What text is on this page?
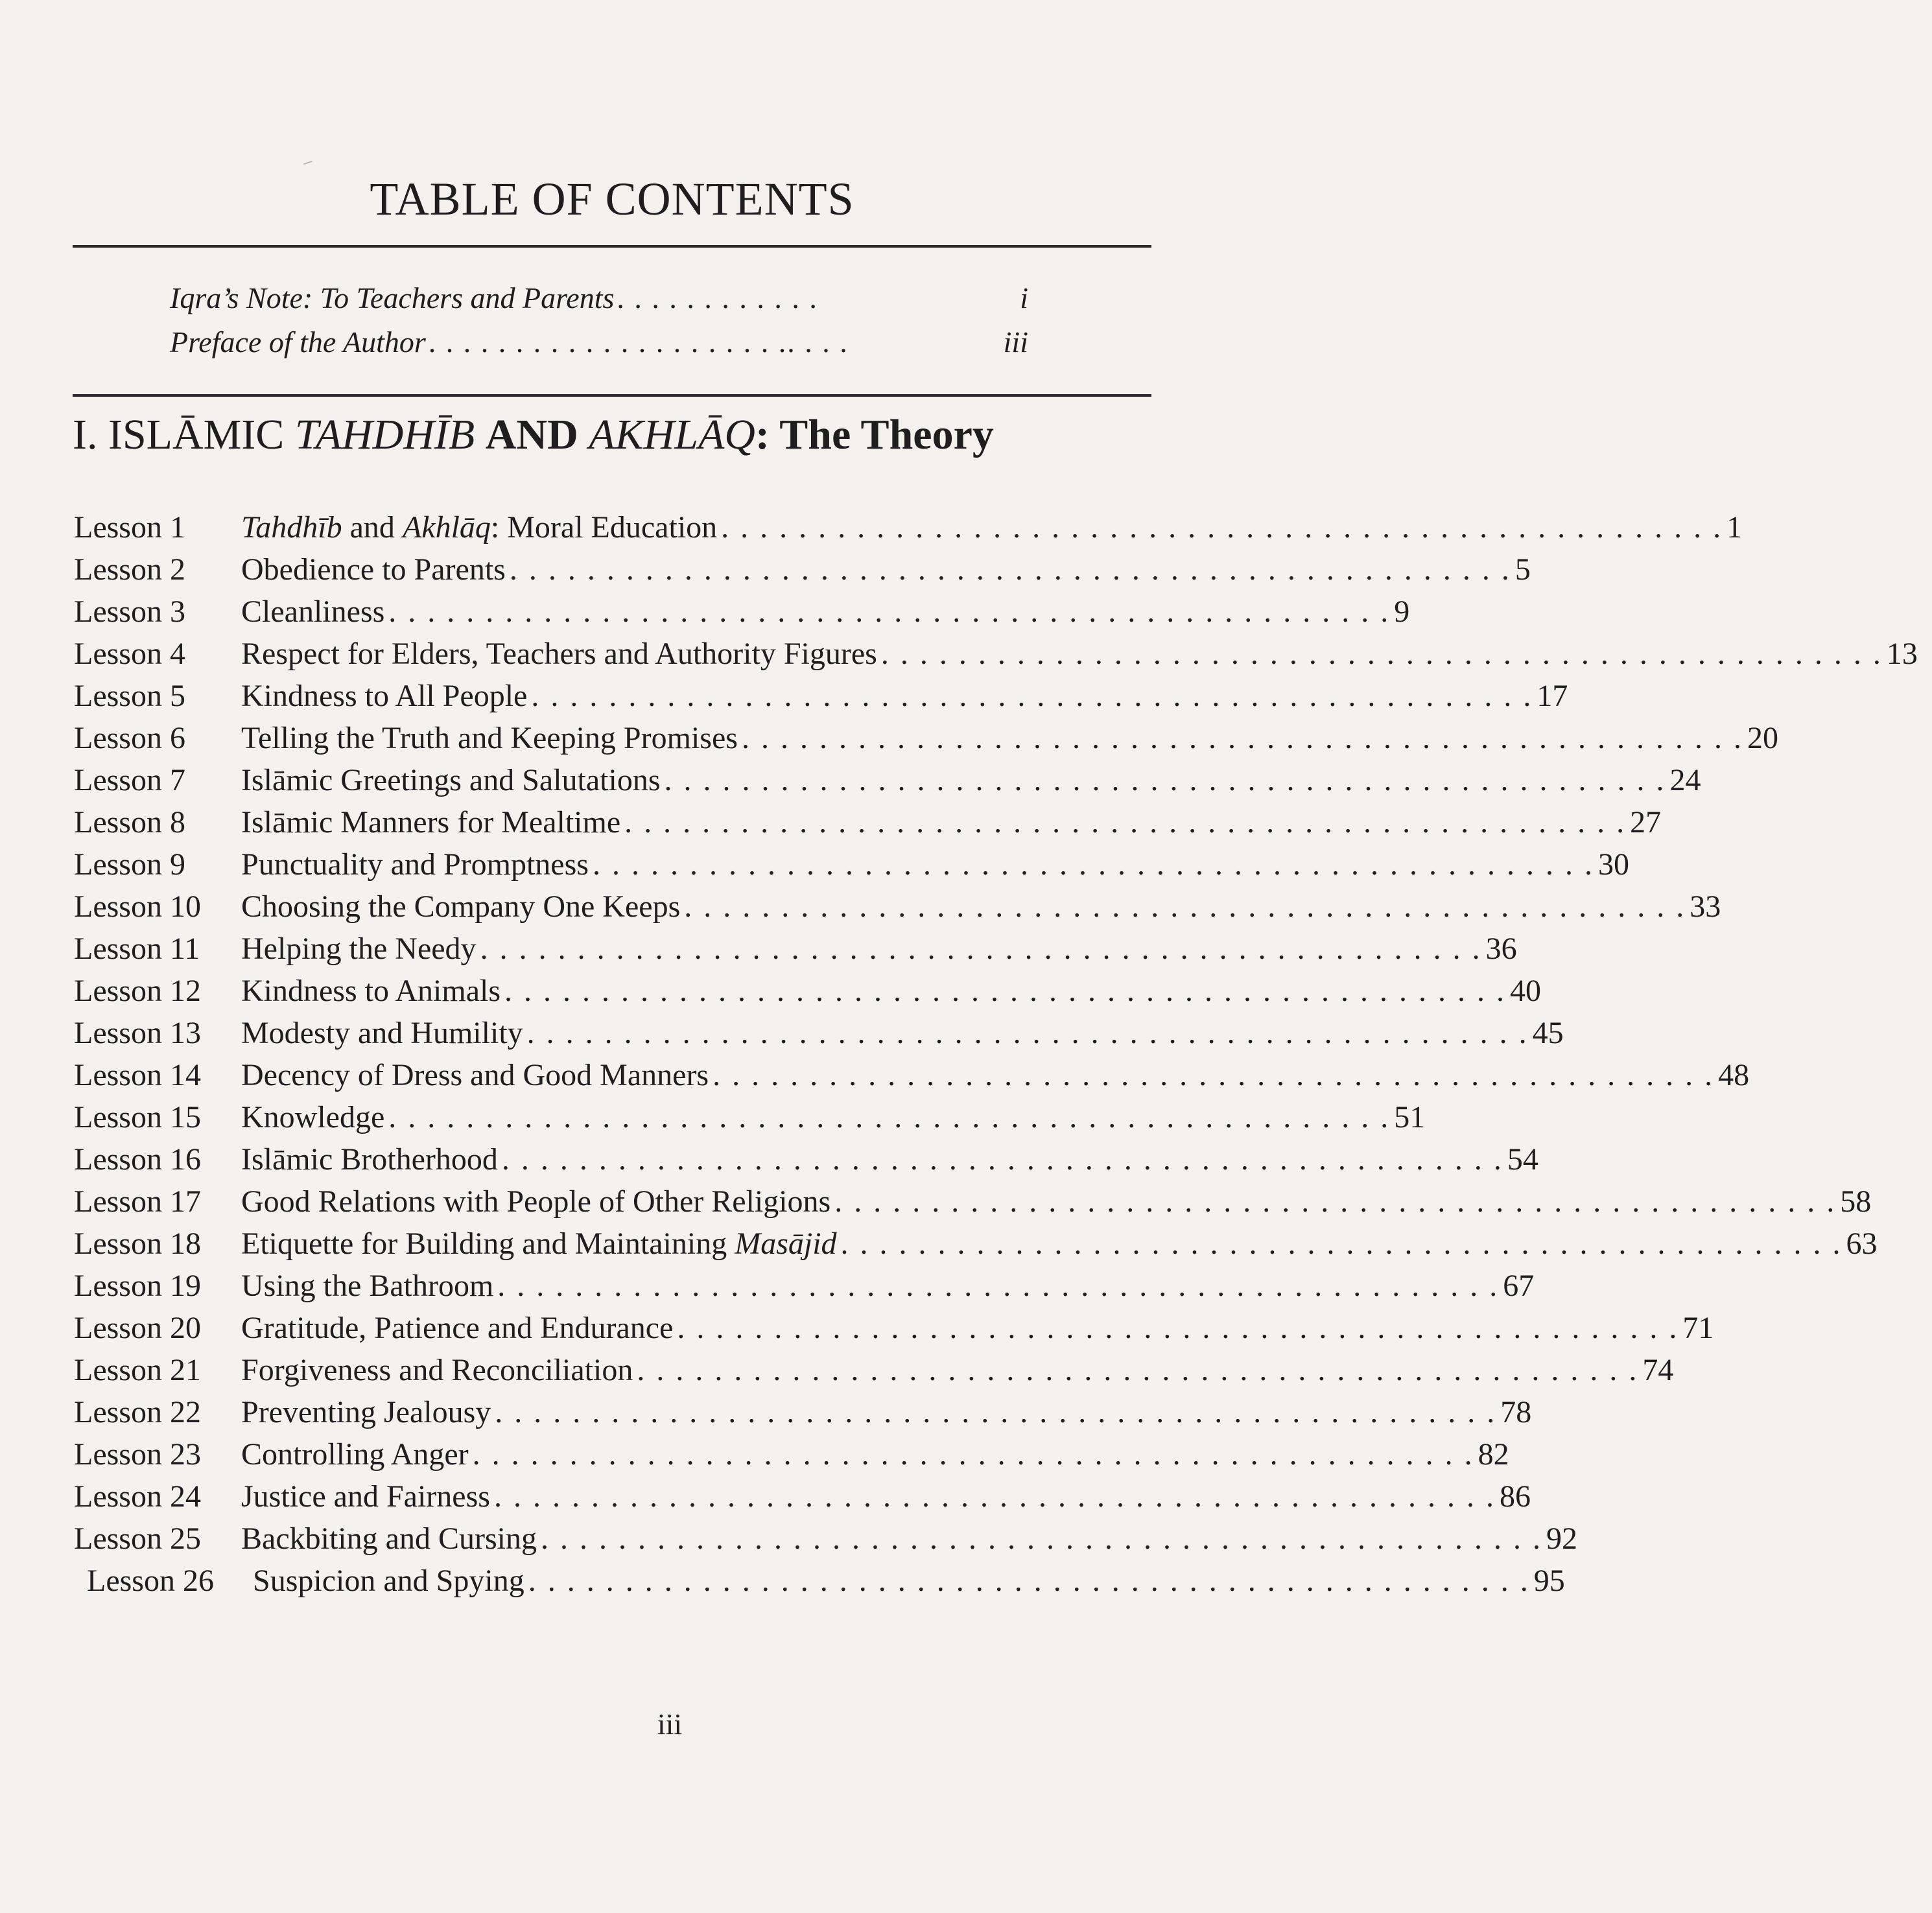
TABLE OF CONTENTS
Iqra’s Note: To Teachers and Parents . . . . . . . . . . . .	i
Preface of the Author . . . . . . . . . . . . . . . . . . . . .. . . .	iii
I. ISLĀMIC TAHDHĪB AND AKHLĀQ: The Theory
Lesson 1	Tahdhīb and Akhlāq: Moral Education . . . . . . . . . . . . . . . . . . . . . . . . . . . . . . . . . . . . . . . . . . . . . . . . . . . . 1
Lesson 2	Obedience to Parents . . . . . . . . . . . . . . . . . . . . . . . . . . . . . . . . . . . . . . . . . . . . . . . . . . . . 5
Lesson 3	Cleanliness . . . . . . . . . . . . . . . . . . . . . . . . . . . . . . . . . . . . . . . . . . . . . . . . . . . . 9
Lesson 4	Respect for Elders, Teachers and Authority Figures . . . . . . . . . . . . . . . . . . . . . . . . . . . . . . . . . . . . . . . . . . . . . . . . . . . . 13
Lesson 5	Kindness to All People . . . . . . . . . . . . . . . . . . . . . . . . . . . . . . . . . . . . . . . . . . . . . . . . . . . . 17
Lesson 6	Telling the Truth and Keeping Promises . . . . . . . . . . . . . . . . . . . . . . . . . . . . . . . . . . . . . . . . . . . . . . . . . . . . 20
Lesson 7	Islāmic Greetings and Salutations . . . . . . . . . . . . . . . . . . . . . . . . . . . . . . . . . . . . . . . . . . . . . . . . . . . . 24
Lesson 8	Islāmic Manners for Mealtime . . . . . . . . . . . . . . . . . . . . . . . . . . . . . . . . . . . . . . . . . . . . . . . . . . . . 27
Lesson 9	Punctuality and Promptness . . . . . . . . . . . . . . . . . . . . . . . . . . . . . . . . . . . . . . . . . . . . . . . . . . . . 30
Lesson 10	Choosing the Company One Keeps . . . . . . . . . . . . . . . . . . . . . . . . . . . . . . . . . . . . . . . . . . . . . . . . . . . . 33
Lesson 11	Helping the Needy . . . . . . . . . . . . . . . . . . . . . . . . . . . . . . . . . . . . . . . . . . . . . . . . . . . . 36
Lesson 12	Kindness to Animals . . . . . . . . . . . . . . . . . . . . . . . . . . . . . . . . . . . . . . . . . . . . . . . . . . . . 40
Lesson 13	Modesty and Humility . . . . . . . . . . . . . . . . . . . . . . . . . . . . . . . . . . . . . . . . . . . . . . . . . . . . 45
Lesson 14	Decency of Dress and Good Manners . . . . . . . . . . . . . . . . . . . . . . . . . . . . . . . . . . . . . . . . . . . . . . . . . . . . 48
Lesson 15	Knowledge . . . . . . . . . . . . . . . . . . . . . . . . . . . . . . . . . . . . . . . . . . . . . . . . . . . . 51
Lesson 16	Islāmic Brotherhood . . . . . . . . . . . . . . . . . . . . . . . . . . . . . . . . . . . . . . . . . . . . . . . . . . . . 54
Lesson 17	Good Relations with People of Other Religions . . . . . . . . . . . . . . . . . . . . . . . . . . . . . . . . . . . . . . . . . . . . . . . . . . . . 58
Lesson 18	Etiquette for Building and Maintaining Masājid . . . . . . . . . . . . . . . . . . . . . . . . . . . . . . . . . . . . . . . . . . . . . . . . . . . . 63
Lesson 19	Using the Bathroom . . . . . . . . . . . . . . . . . . . . . . . . . . . . . . . . . . . . . . . . . . . . . . . . . . . . 67
Lesson 20	Gratitude, Patience and Endurance . . . . . . . . . . . . . . . . . . . . . . . . . . . . . . . . . . . . . . . . . . . . . . . . . . . . 71
Lesson 21	Forgiveness and Reconciliation . . . . . . . . . . . . . . . . . . . . . . . . . . . . . . . . . . . . . . . . . . . . . . . . . . . . 74
Lesson 22	Preventing Jealousy . . . . . . . . . . . . . . . . . . . . . . . . . . . . . . . . . . . . . . . . . . . . . . . . . . . . 78
Lesson 23	Controlling Anger . . . . . . . . . . . . . . . . . . . . . . . . . . . . . . . . . . . . . . . . . . . . . . . . . . . . 82
Lesson 24	Justice and Fairness . . . . . . . . . . . . . . . . . . . . . . . . . . . . . . . . . . . . . . . . . . . . . . . . . . . . 86
Lesson 25	Backbiting and Cursing . . . . . . . . . . . . . . . . . . . . . . . . . . . . . . . . . . . . . . . . . . . . . . . . . . . . 92
Lesson 26	Suspicion and Spying . . . . . . . . . . . . . . . . . . . . . . . . . . . . . . . . . . . . . . . . . . . . . . . . . . . . 95
iii
